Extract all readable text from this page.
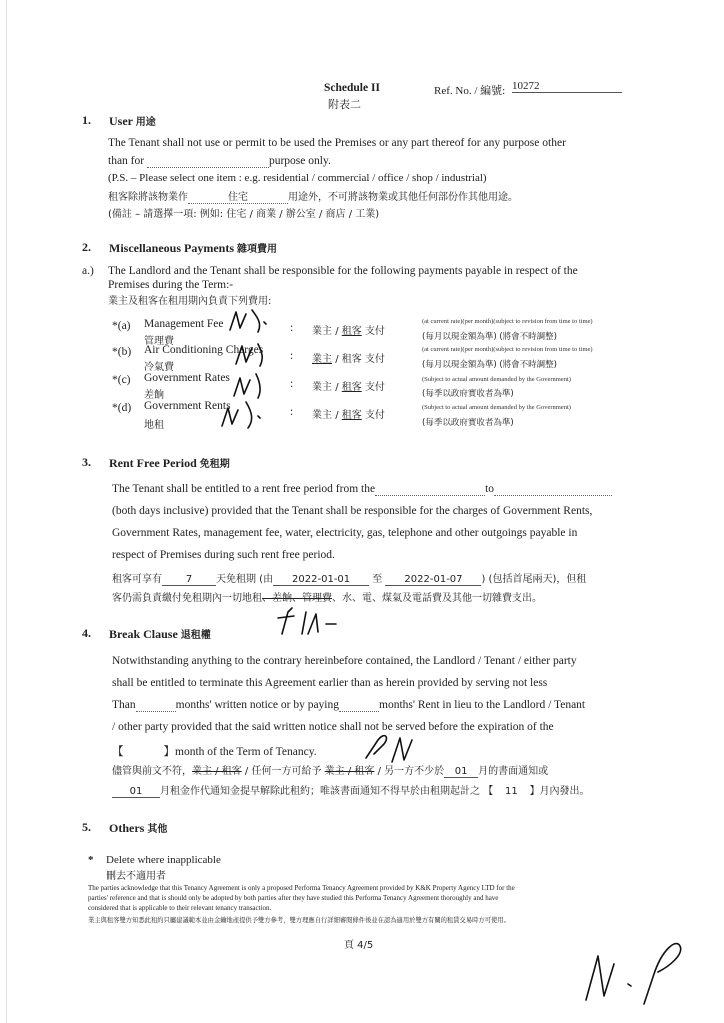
Schedule II
附表二
Ref. No. / 編號: 10272
1. User 用途
The Tenant shall not use or permit to be used the Premises or any part thereof for any purpose other
than for	purpose only.
(P.S. – Please select one item : e.g. residential / commercial / office / shop / industrial)
租客除將該物業作	住宅	用途外，不可將該物業或其他任何部份作其他用途。
(備註 – 請選擇一項: 例如: 住宅 / 商業 / 辦公室 / 商店 / 工業)
2. Miscellaneous Payments 雜項費用
a.) The Landlord and the Tenant shall be responsible for the following payments payable in respect of the
Premises during the Term:-
業主及租客在租用期內負責下列費用:
*(a) Management Fee
管理費
: 業主 / 租客 支付
(at current rate)(per month)(subject to revision from time to time)
(每月以現金額為準) (將會不時調整)
*(b) Air Conditioning Charges
冷氣費
: 業主 / 租客 支付
(at current rate)(per month)(subject to revision from time to time)
(每月以現金額為準) (將會不時調整)
*(c) Government Rates
差餉
: 業主 / 租客 支付
(Subject to actual amount demanded by the Government)
(每季以政府實收者為準)
*(d) Government Rents
地租
: 業主 / 租客 支付
(Subject to actual amount demanded by the Government)
(每季以政府實收者為準)
3. Rent Free Period 免租期
The Tenant shall be entitled to a rent free period from the	to
(both days inclusive) provided that the Tenant shall be responsible for the charges of Government Rents,
Government Rates, management fee, water, electricity, gas, telephone and other outgoings payable in
respect of Premises during such rent free period.
租客可享有 7 天免租期 (由 2022-01-01 至 2022-01-07 ) (包括首尾兩天)，但租
客仍需負責繳付免租期內一切地租、差餉、管理費、水、電、煤氣及電話費及其他一切雜費支出。
4. Break Clause 退租權
Notwithstanding anything to the contrary hereinbefore contained, the Landlord / Tenant / either party
shall be entitled to terminate this Agreement earlier than as herein provided by serving not less
Than	months' written notice or by paying	months' Rent in lieu to the Landlord / Tenant
/ other party provided that the said written notice shall not be served before the expiration of the
【	】month of the Term of Tenancy.
儘管與前文不符，業主 / 租客 / 任何一方可給予 業主 / 租客 / 另一方不少於 01 月的書面通知或
01 月租金作代通知金提早解除此租約；唯該書面通知不得早於由租期起計之 【 11 】月內發出。
5. Others 其他
* Delete where inapplicable
刪去不適用者
The parties acknowledge that this Tenancy Agreement is only a proposed Performa Tenancy Agreement provided by K&K Property Agency LTD for the
parties' reference and that is should only be adopted by both parties after they have studied this Performa Tenancy Agreement thoroughly and have
considered that is applicable to their relevant tenancy transaction.
業主與租客雙方知悉此租約只屬建議範本並由金鑰地產提供予雙方參考，雙方理應自行詳細審閱條件後並在認為適用於雙方有關的租賃交易時方可使用。
頁 4/5
